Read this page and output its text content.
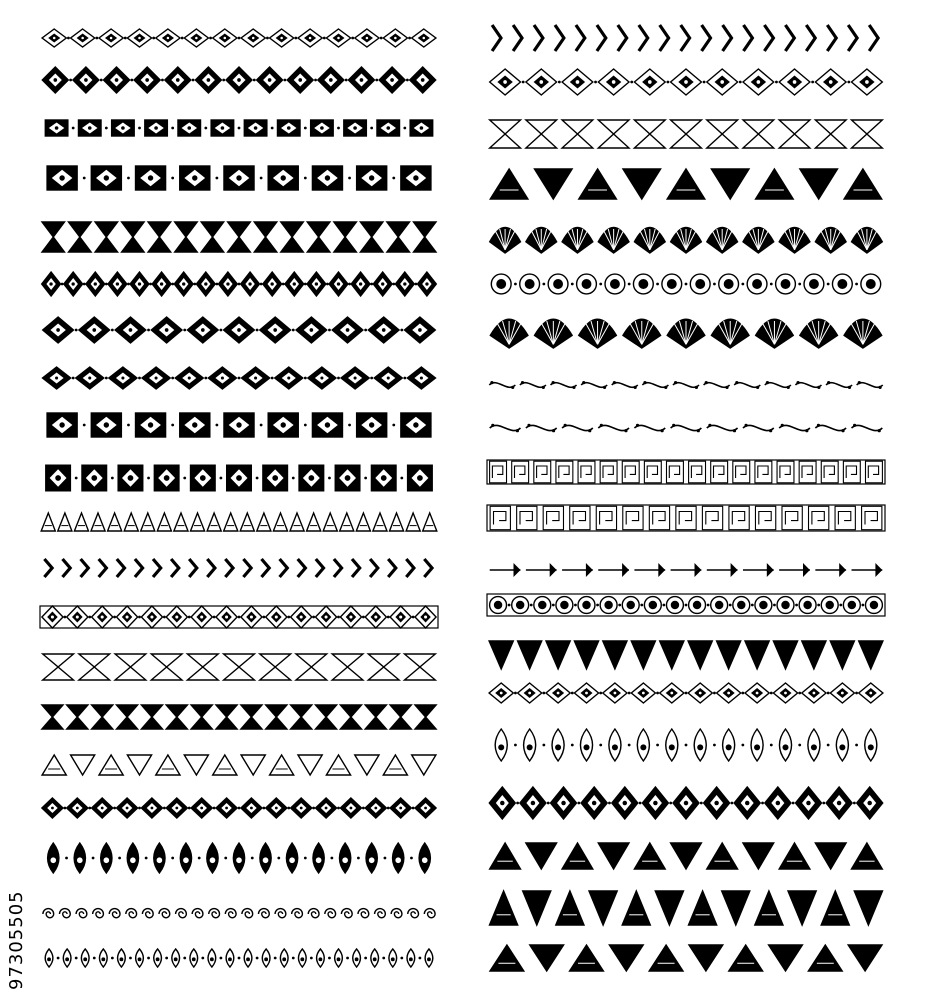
97305505
